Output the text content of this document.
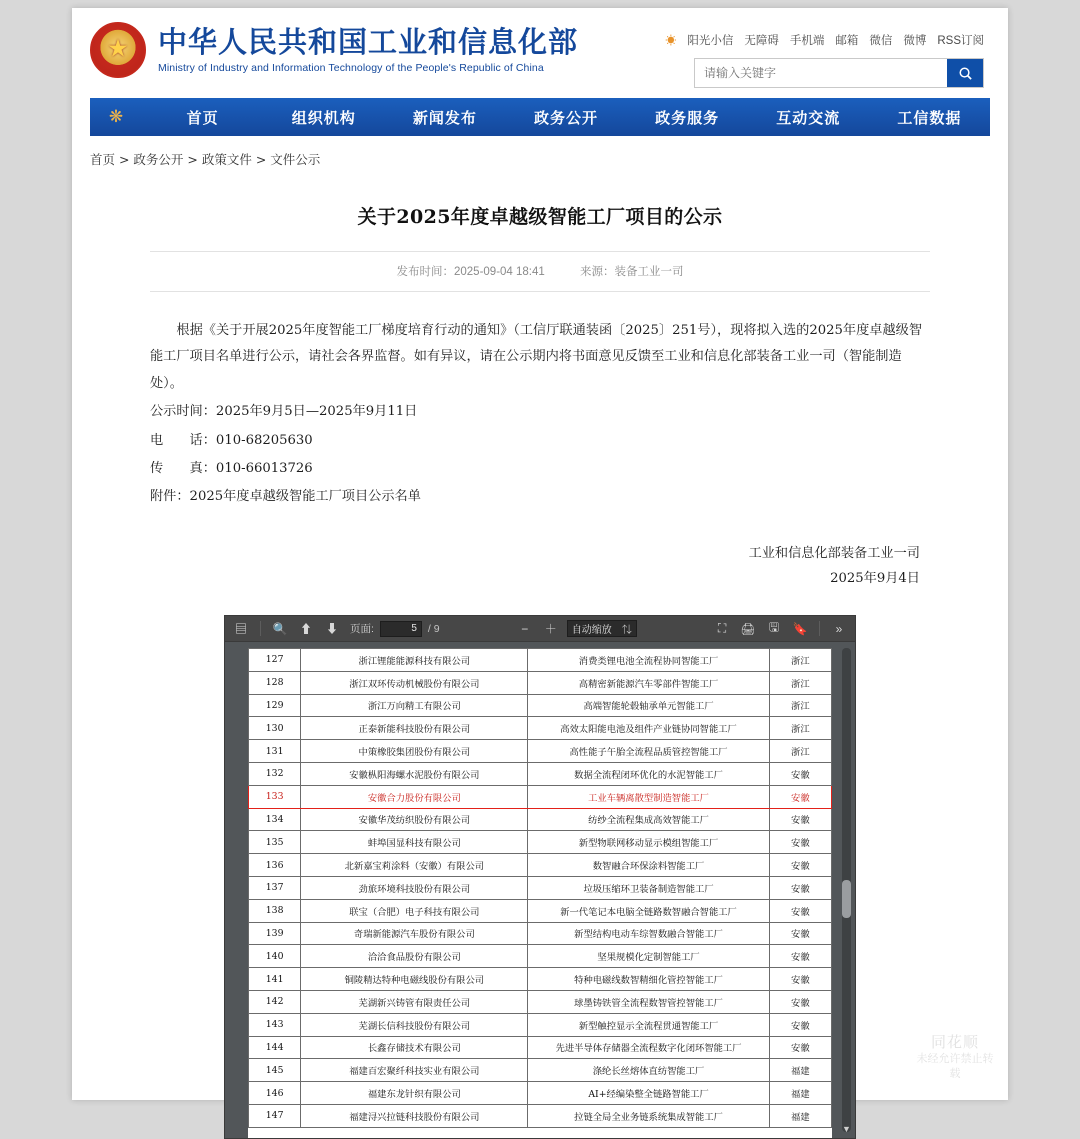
★
中华人民共和国工业和信息化部
Ministry of Industry and Information Technology of the People's Republic of China
☀ 阳光小信 无障碍 手机端 邮箱 微信 微博 RSS订阅
请输入关键字
❋	首页	组织机构	新闻发布	政务公开	政务服务	互动交流	工信数据
首页 > 政务公开 > 政策文件 > 文件公示
关于2025年度卓越级智能工厂项目的公示
发布时间：2025-09-04 18:41	来源：装备工业一司

根据《关于开展2025年度智能工厂梯度培育行动的通知》（工信厅联通装函〔2025〕251号），现将拟入选的2025年度卓越级智能工厂项目名单进行公示，请社会各界监督。如有异议，请在公示期内将书面意见反馈至工业和信息化部装备工业一司（智能制造处）。

公示时间：2025年9月5日—2025年9月11日

电　　话：010-68205630

传　　真：010-66013726

附件：2025年度卓越级智能工厂项目公示名单

工业和信息化部装备工业一司
2025年9月4日
▤	🔍	⬆	⬇	页面:
5	/ 9	−	＋	自动缩放 ⇅	⛶	🖨	🖫	🔖	»
127	浙江锂能能源科技有限公司	消费类锂电池全流程协同智能工厂	浙江
128	浙江双环传动机械股份有限公司	高精密新能源汽车零部件智能工厂	浙江
129	浙江万向精工有限公司	高端智能轮毂轴承单元智能工厂	浙江
130	正泰新能科技股份有限公司	高效太阳能电池及组件产业链协同智能工厂	浙江
131	中策橡胶集团股份有限公司	高性能子午胎全流程品质管控智能工厂	浙江
132	安徽枞阳海螺水泥股份有限公司	数据全流程闭环优化的水泥智能工厂	安徽
133	安徽合力股份有限公司	工业车辆离散型制造智能工厂	安徽
134	安徽华茂纺织股份有限公司	纺纱全流程集成高效智能工厂	安徽
135	蚌埠国显科技有限公司	新型物联网移动显示模组智能工厂	安徽
136	北新嘉宝莉涂料（安徽）有限公司	数智融合环保涂料智能工厂	安徽
137	劲旅环境科技股份有限公司	垃圾压缩环卫装备制造智能工厂	安徽
138	联宝（合肥）电子科技有限公司	新一代笔记本电脑全链路数智融合智能工厂	安徽
139	奇瑞新能源汽车股份有限公司	新型结构电动车综智数融合智能工厂	安徽
140	洽洽食品股份有限公司	坚果规模化定制智能工厂	安徽
141	铜陵精达特种电磁线股份有限公司	特种电磁线数智精细化管控智能工厂	安徽
142	芜湖新兴铸管有限责任公司	球墨铸铁管全流程数智管控智能工厂	安徽
143	芜湖长信科技股份有限公司	新型触控显示全流程贯通智能工厂	安徽
144	长鑫存储技术有限公司	先进半导体存储器全流程数字化闭环智能工厂	安徽
145	福建百宏聚纤科技实业有限公司	涤纶长丝熔体直纺智能工厂	福建
146	福建东龙针织有限公司	AI+经编染整全链路智能工厂	福建
147	福建浔兴拉链科技股份有限公司	拉链全局全业务链系统集成智能工厂	福建
▼
同花顺
未经允许禁止转载
